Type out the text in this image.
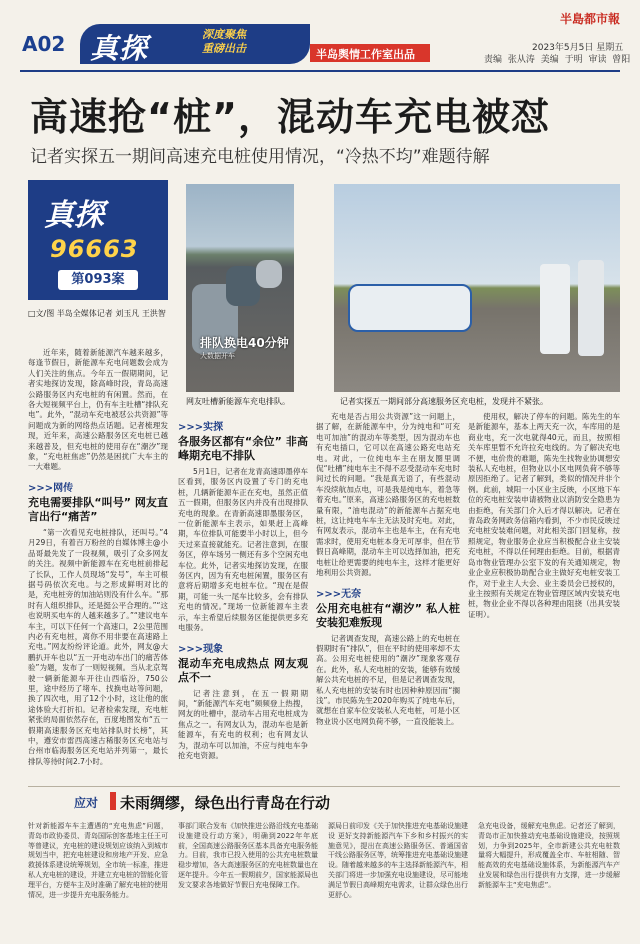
A02 真探	深度聚焦
重磅出击	半岛舆情工作室出品
半島都市報
2023年5月5日 星期五
责编 张从涛 美编 于明 审读 曾阳
高速抢“桩”，混动车充电被怼
记者实探五一期间高速充电桩使用情况，“冷热不均”难题待解
真探
96663
第093案
□文/图 半岛全媒体记者 刘玉凡 王洪智
排队换电40分钟
大数据开车
网友吐槽新能源车充电排队。	记者实探五一期间部分高速服务区充电桩，发现并不紧张。

近年来，随着新能源汽车越来越多，每逢节假日，新能源车充电问题数会成为人们关注的焦点。今年五一假期期间，记者实地探访发现，除高峰时段，青岛高速公路服务区内充电桩的有闲置。然而，在各大短视频平台上，仍有车主吐槽“排队充电”。此外，“混动车充电被怼公共资源”等问题成为新的网络热点话题。记者梳理发现，近年来，高速公路服务区充电桩已越来越普及，但充电桩的使用存在“潮汐”现象，“充电桩焦虑”仍然是困扰广大车主的一大难题。

>>>网传
充电需要排队“叫号” 网友直言出行“痛苦”

“第一次看见充电桩排队，还叫号。”4月29日，有着百万粉丝的自媒体博主@小品哥最先发了一段视频，吸引了众多网友的关注。视频中新能源车在充电桩前排起了长队，工作人员现场“发号”，车主可根据号码依次充电。与之形成鲜明对比的是，充电桩旁的加油站则没有什么车。“那时有人组织排队，还是挺公平合理的。”“这也说明买电车的人越来越多了。”“建议电车车主，可以下任何一个高速口，2公里范围内必有充电桩，离你不用非要在高速路上充电。”网友纷纷评论道。此外，网友@大鹏扒开车也以“五一开电动车出门的痛苦体验”为题，发布了一则短视频。当从北京驾驶一辆新能源车开往山西临汾，750公里，途中经历了堵车、找换电站等问题，换了四次电，用了12个小时，这让他的旅途体验大打折扣。记者检索发现，充电桩紧张的局面依然存在，百度地图发布“五一假期高速服务区充电站排队时长榜”，其中，遵安市雷西高速古稀服务区充电站与台州市临海服务区充电站并列第一，最长排队等待时间2.7小时。

>>>实探
各服务区都有“余位” 非高峰期充电不排队

5月1日，记者在龙青高速即墨停车区看到，服务区内设置了专门的充电桩，几辆新能源车正在充电，虽然正值五一假期，但服务区内并没有出现排队充电的现象。在青新高速即墨服务区，一位新能源车主表示，如果赶上高峰期，车位排队可能要半小时以上，但今天过来直接就能充。记者注意到，在服务区，停车场另一侧还有多个空闲充电车位。此外，记者实地探访发现，在服务区内，因为有充电桩闲置，服务区有意将后期增多充电桩车位。“现在是假期，可能一头一尾车比较多，会有排队充电的情况。”现场一位新能源车主表示，车主希望后续服务区能提供更多充电服务。

>>>现象
混动车充电成热点 网友观点不一

记者注意到，在五一假期期间，“新能源汽车充电”频频登上热搜，网友的吐槽中，混动车占用充电桩成为焦点之一。有网友认为，混动车也是新能源车，有充电的权利；也有网友认为，混动车可以加油，不应与纯电车争抢充电资源。

充电是否占用公共资源”这一问题上，据了解，在新能源车中，分为纯电和“可充电可加油”的混动车等类型，因为混动车也有充电插口，它可以在高速公路充电站充电。对此，一位纯电车主在朋友圈里调侃“吐槽”纯电车主不得不忍受混动车充电时间过长的问题。“我是真无语了，有些混动车没续航加点电，可是我是纯电车，着急等着充电。”原来，高速公路服务区的充电桩数量有限，“油电混动”的新能源车占据充电桩，这让纯电车车主无法及时充电。对此，有网友表示，混动车主也是车主，在有充电需求时，使用充电桩本身无可厚非，但在节假日高峰期，混动车主可以选择加油，把充电桩让给更需要的纯电车主，这样才能更好地利用公共资源。

>>>无奈
公用充电桩有“潮汐” 私人桩安装犯难叛现

记者调查发现，高速公路上的充电桩在假期时有“排队”，但在平时的使用率却不太高。公用充电桩使用的“潮汐”现象客观存在。此外，私人充电桩的安装，能够有效缓解公共充电桩的不足，但是记者调查发现，私人充电桩的安装有时也因种种原因而“搁浅”。市民陈先生2020年购买了纯电车后，就想在自家车位安装私人充电桩，可是小区物业说小区电网负荷不够，一直没能装上。

使用权，解决了停车的问题。陈先生的车是新能源车，基本上两天充一次，车库用的是商业电，充一次电就得40元，而且，按照相关车库里暂不允许拉充电线的。为了解决充电不便，电价贵的难题，陈先生找物业协调想安装私人充电桩，但物业以小区电网负荷不够等原因拒绝了。记者了解到，类似的情况并非个例。此前，城阳一小区业主反映，小区地下车位的充电桩安装申请被物业以消防安全隐患为由拒绝，有关部门介入后才得以解决。记者在青岛政务网政务信箱内看到，不少市民反映过充电桩安装难问题，对此相关部门回复称，按照规定，物业服务企业应当积极配合业主安装充电桩，不得以任何理由拒绝。目前，根据青岛市物业管理办公室下发的有关通知规定，物业企业应积极协助配合业主做好充电桩安装工作，对于业主人大会、业主委员会已授权的，业主按照有关规定在物业管理区域内安装充电桩，物业企业不得以各种理由阻挠（出具安装证明）。

应对 未雨绸缪，绿色出行青岛在行动
针对新能源车车主遭遇的“充电焦虑”问题，青岛市政协委员、青岛国际创客基地主任王可等曾建议，充电桩的建设规划应该纳入到城市规划当中，把充电桩建设和房地产开发、应急救援体系建设统筹规划，全市统一标准，推进私人充电桩的建设，并建立充电桩的智能化管理平台，方便车主及时准确了解充电桩的使用情况，进一步提升充电服务能力。
事部门联合发布《加快推进公路沿线充电基础设施建设行动方案》，明确到2022年年底前，全国高速公路服务区基本具备充电服务能力。目前，我市已投入使用的公共充电桩数量稳步增加，各大高速服务区的充电桩数量也在逐年提升。今年五一假期前夕，国家能源局也发文要求各地做好节假日充电保障工作。
源局日前印发《关于加快推进充电基础设施建设 更好支持新能源汽车下乡和乡村振兴的实施意见》，提出在高速公路服务区、普通国省干线公路服务区等，统筹推进充电基础设施建设。随着越来越多的车主选择新能源汽车，相关部门将进一步加强充电设施建设，尽可能地满足节假日高峰期充电需求，让群众绿色出行更舒心。
急充电设备，缓解充电焦虑。记者还了解到，青岛市正加快推动充电基础设施建设，按照规划，力争到2025年，全市新建公共充电桩数量将大幅提升，形成覆盖全市、车桩相随、智能高效的充电基础设施体系，为新能源汽车产业发展和绿色出行提供有力支撑，进一步缓解新能源车主“充电焦虑”。
